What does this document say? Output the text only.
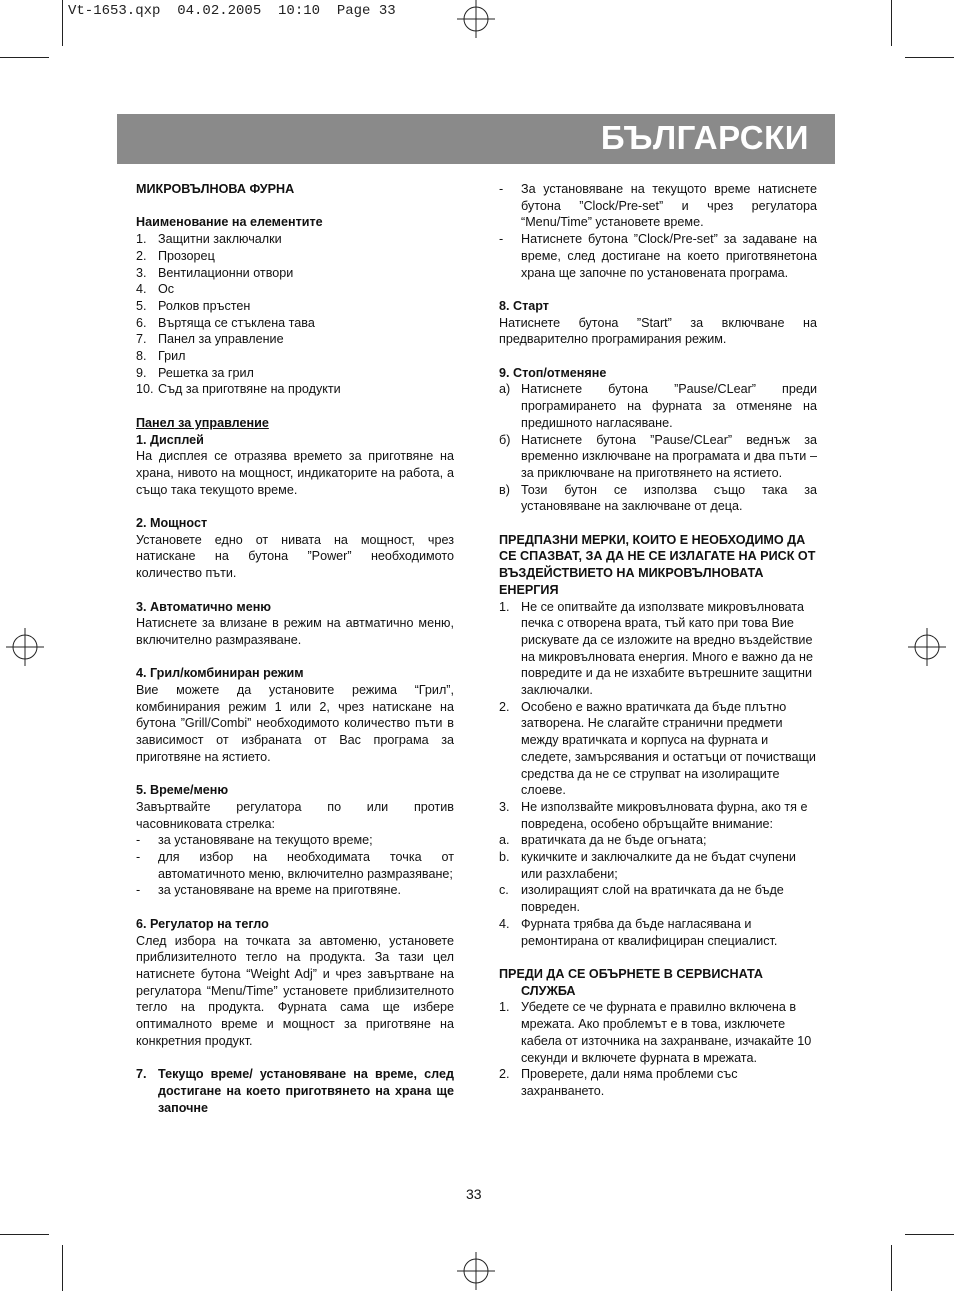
Vt-1653.qxp  04.02.2005  10:10  Page 33
БЪЛГАРСКИ

МИКРОВЪЛНОВА ФУРНА

Наименование на елементите

1. Защитни заключалки
2. Прозорец
3. Вентилационни отвори
4. Ос
5. Ролков пръстен
6. Въртяща се стъклена тава
7. Панел за управление
8. Грил
9. Решетка за грил
10. Съд за приготвяне на продукти

Панел за управление

1. Дисплей

На дисплея се отразява времето за приготвяне на храна, нивото на мощност, индикаторите на работа, а също така текущото време.

2. Мощност

Установете едно от нивата на мощност, чрез натискане на бутона ”Power” необходимото количество пъти.

3. Автоматично меню

Натиснете за влизане в режим на автматично меню, включително размразяване.

4. Грил/комбиниран режим

Вие можете да установите режима “Грил”, комбинирания режим 1 или 2, чрез натискане на бутона ”Grill/Combi” необходимото количество пъти в зависимост от избраната от Вас програма за приготвяне на ястието.

5. Време/меню

Завъртвайте регулатора по или против часовниковата стрелка:

-	за установяване на текущото време;
-	для избор на необходимата точка от автоматичното меню, включително размразяване;
-	за установяване на време на приготвяне.

6. Регулатор на тегло

След избора на точката за автоменю, установете приблизителното тегло на продукта. За тази цел натиснете бутона “Weight Adj” и чрез завъртване на регулатора “Menu/Time” установете приблизителното тегло на продукта. Фурната сама ще избере оптималното време и мощност за приготвяне на конкретния продукт.

7. Текущо време/ установяване на време, след достигане на което приготвянето на храна ще започне
-	За установяване на текущото време натиснете бутона ”Clock/Pre-set” и чрез регулатора “Menu/Time” установете време.
-	Натиснете бутона ”Clock/Pre-set” за задаване на време, след достигане на което приготвянетона храна ще започне по установената програма.

8. Старт

Натиснете бутона ”Start” за включване на предварително програмирания режим.

9. Стоп/отменяне

а) Натиснете бутона ”Pause/CLear” преди програмирането на фурната за отменяне на предишното нагласяване.
б) Натиснете бутона ”Pause/CLear” веднъж за временно изключване на програмата и два пъти – за приключване на приготвянето на ястието.
в) Този бутон се използва също така за установяване на заключване от деца.

ПРЕДПАЗНИ МЕРКИ, КОИТО Е НЕОБХОДИМО ДА СЕ СПАЗВАТ, ЗА ДА НЕ СЕ ИЗЛАГАТЕ НА РИСК ОТ ВЪЗДЕЙСТВИЕТО НА МИКРОВЪЛНОВАТА ЕНЕРГИЯ

1. Не се опитвайте да използвате микровълновата печка с отворена врата, тъй като при това Вие рискувате да се изложите на вредно въздействие на микровълновата енергия. Много е важно да не повредите и да не изхабите вътрешните защитни заключалки.
2. Особено е важно вратичката да бъде плътно затворена. Не слагайте странични предмети между вратичката и корпуса на фурната и следете, замърсявания и остатъци от почистващи средства да не се струпват на изолиращите слоеве.
3. Не използвайте микровълновата фурна, ако тя е повредена, особено обръщайте внимание:
a. вратичката да не бъде огъната;
b. кукичките и заключалките да не бъдат счупени или разхлабени;
c. изолиращият слой на вратичката да не бъде повреден.
4. Фурната трябва да бъде нагласявана и ремонтирана от квалифициран специалист.

ПРЕДИ ДА СЕ ОБЪРНЕТЕ В СЕРВИСНАТА

СЛУЖБА

1. Убедете се че фурната е правилно включена в мрежата. Ако проблемът е в това, изключете кабела от източника на захранване, изчакайте 10 секунди и включете фурната в мрежата.
2. Проверете, дали няма проблеми със захранването.
33
